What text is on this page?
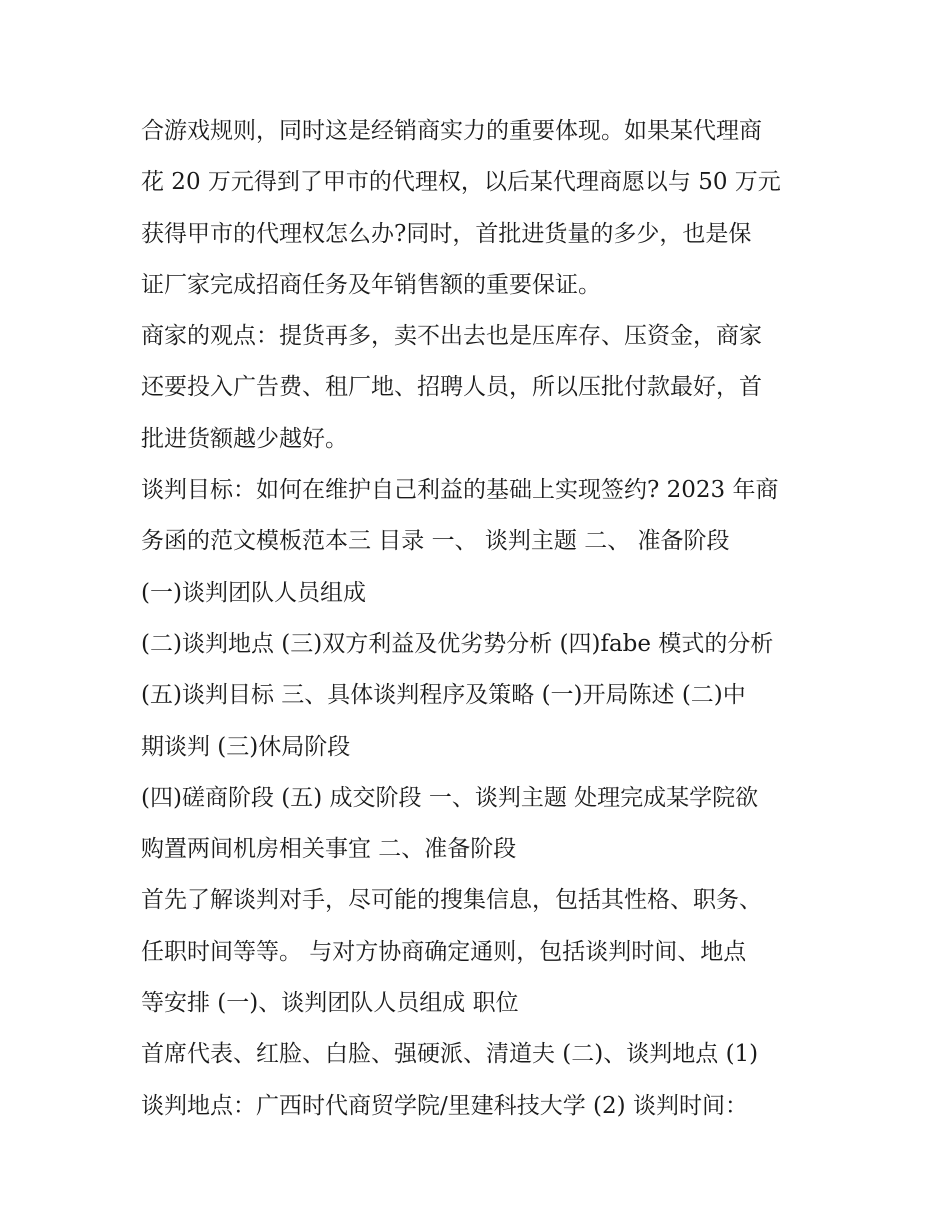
合游戏规则，同时这是经销商实力的重要体现。如果某代理商
花 20 万元得到了甲市的代理权，以后某代理商愿以与 50 万元
获得甲市的代理权怎么办?同时，首批进货量的多少，也是保
证厂家完成招商任务及年销售额的重要保证。
商家的观点：提货再多，卖不出去也是压库存、压资金，商家
还要投入广告费、租厂地、招聘人员，所以压批付款最好，首
批进货额越少越好。
谈判目标：如何在维护自己利益的基础上实现签约? 2023 年商
务函的范文模板范本三 目录 一、 谈判主题 二、 准备阶段
(一)谈判团队人员组成
(二)谈判地点 (三)双方利益及优劣势分析 (四)fabe 模式的分析
(五)谈判目标 三、具体谈判程序及策略 (一)开局陈述 (二)中
期谈判 (三)休局阶段
(四)磋商阶段 (五) 成交阶段 一、谈判主题 处理完成某学院欲
购置两间机房相关事宜 二、准备阶段
首先了解谈判对手，尽可能的搜集信息，包括其性格、职务、
任职时间等等。 与对方协商确定通则，包括谈判时间、地点
等安排 (一)、谈判团队人员组成 职位
首席代表、红脸、白脸、强硬派、清道夫 (二)、谈判地点 (1)
谈判地点：广西时代商贸学院/里建科技大学 (2) 谈判时间：
